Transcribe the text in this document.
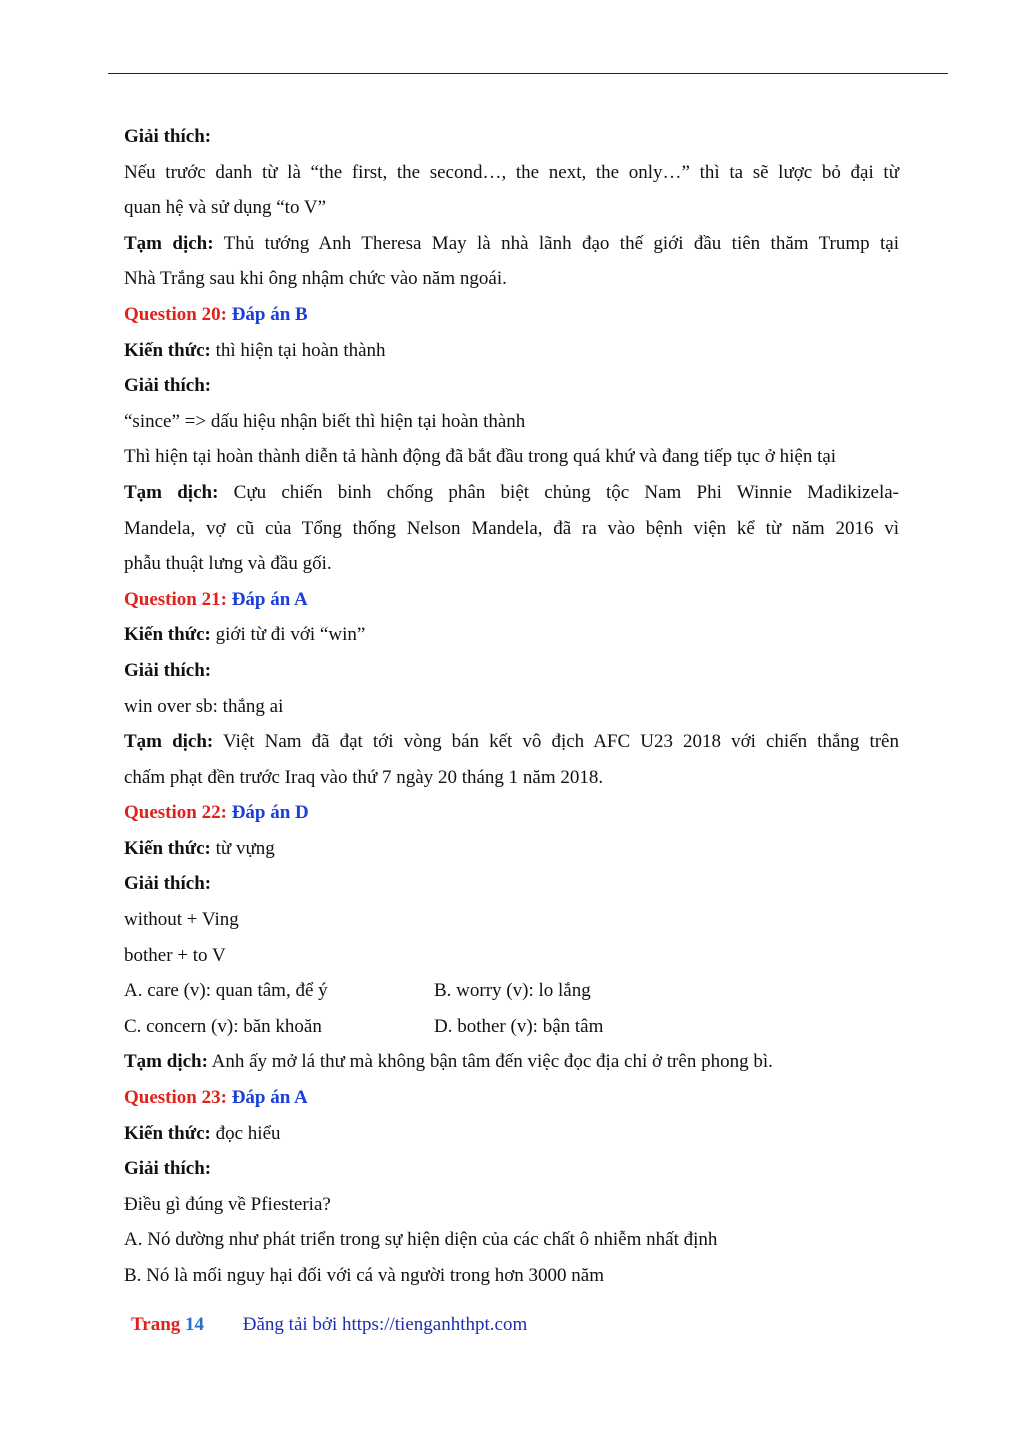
Giải thích:
Nếu trước danh từ là “the first, the second…, the next, the only…” thì ta sẽ lược bỏ đại từ
quan hệ và sử dụng “to V”
Tạm dịch: Thủ tướng Anh Theresa May là nhà lãnh đạo thế giới đầu tiên thăm Trump tại
Nhà Trắng sau khi ông nhậm chức vào năm ngoái.
Question 20: Đáp án B
Kiến thức: thì hiện tại hoàn thành
Giải thích:
“since” => dấu hiệu nhận biết thì hiện tại hoàn thành
Thì hiện tại hoàn thành diễn tả hành động đã bắt đầu trong quá khứ và đang tiếp tục ở hiện tại
Tạm dịch: Cựu chiến binh chống phân biệt chủng tộc Nam Phi Winnie Madikizela-
Mandela, vợ cũ của Tổng thống Nelson Mandela, đã ra vào bệnh viện kể từ năm 2016 vì
phẫu thuật lưng và đầu gối.
Question 21: Đáp án A
Kiến thức: giới từ đi với “win”
Giải thích:
win over sb: thắng ai
Tạm dịch: Việt Nam đã đạt tới vòng bán kết vô địch AFC U23 2018 với chiến thắng trên
chấm phạt đền trước Iraq vào thứ 7 ngày 20 tháng 1 năm 2018.
Question 22: Đáp án D
Kiến thức: từ vựng
Giải thích:
without + Ving
bother + to V
A. care (v): quan tâm, để ý	B. worry (v): lo lắng
C. concern (v): băn khoăn	D. bother (v): bận tâm
Tạm dịch: Anh ấy mở lá thư mà không bận tâm đến việc đọc địa chỉ ở trên phong bì.
Question 23: Đáp án A
Kiến thức: đọc hiểu
Giải thích:
Điều gì đúng về Pfiesteria?
A. Nó dường như phát triển trong sự hiện diện của các chất ô nhiễm nhất định
B. Nó là mối nguy hại đối với cá và người trong hơn 3000 năm
Trang 14 Đăng tải bởi https://tienganhthpt.com
